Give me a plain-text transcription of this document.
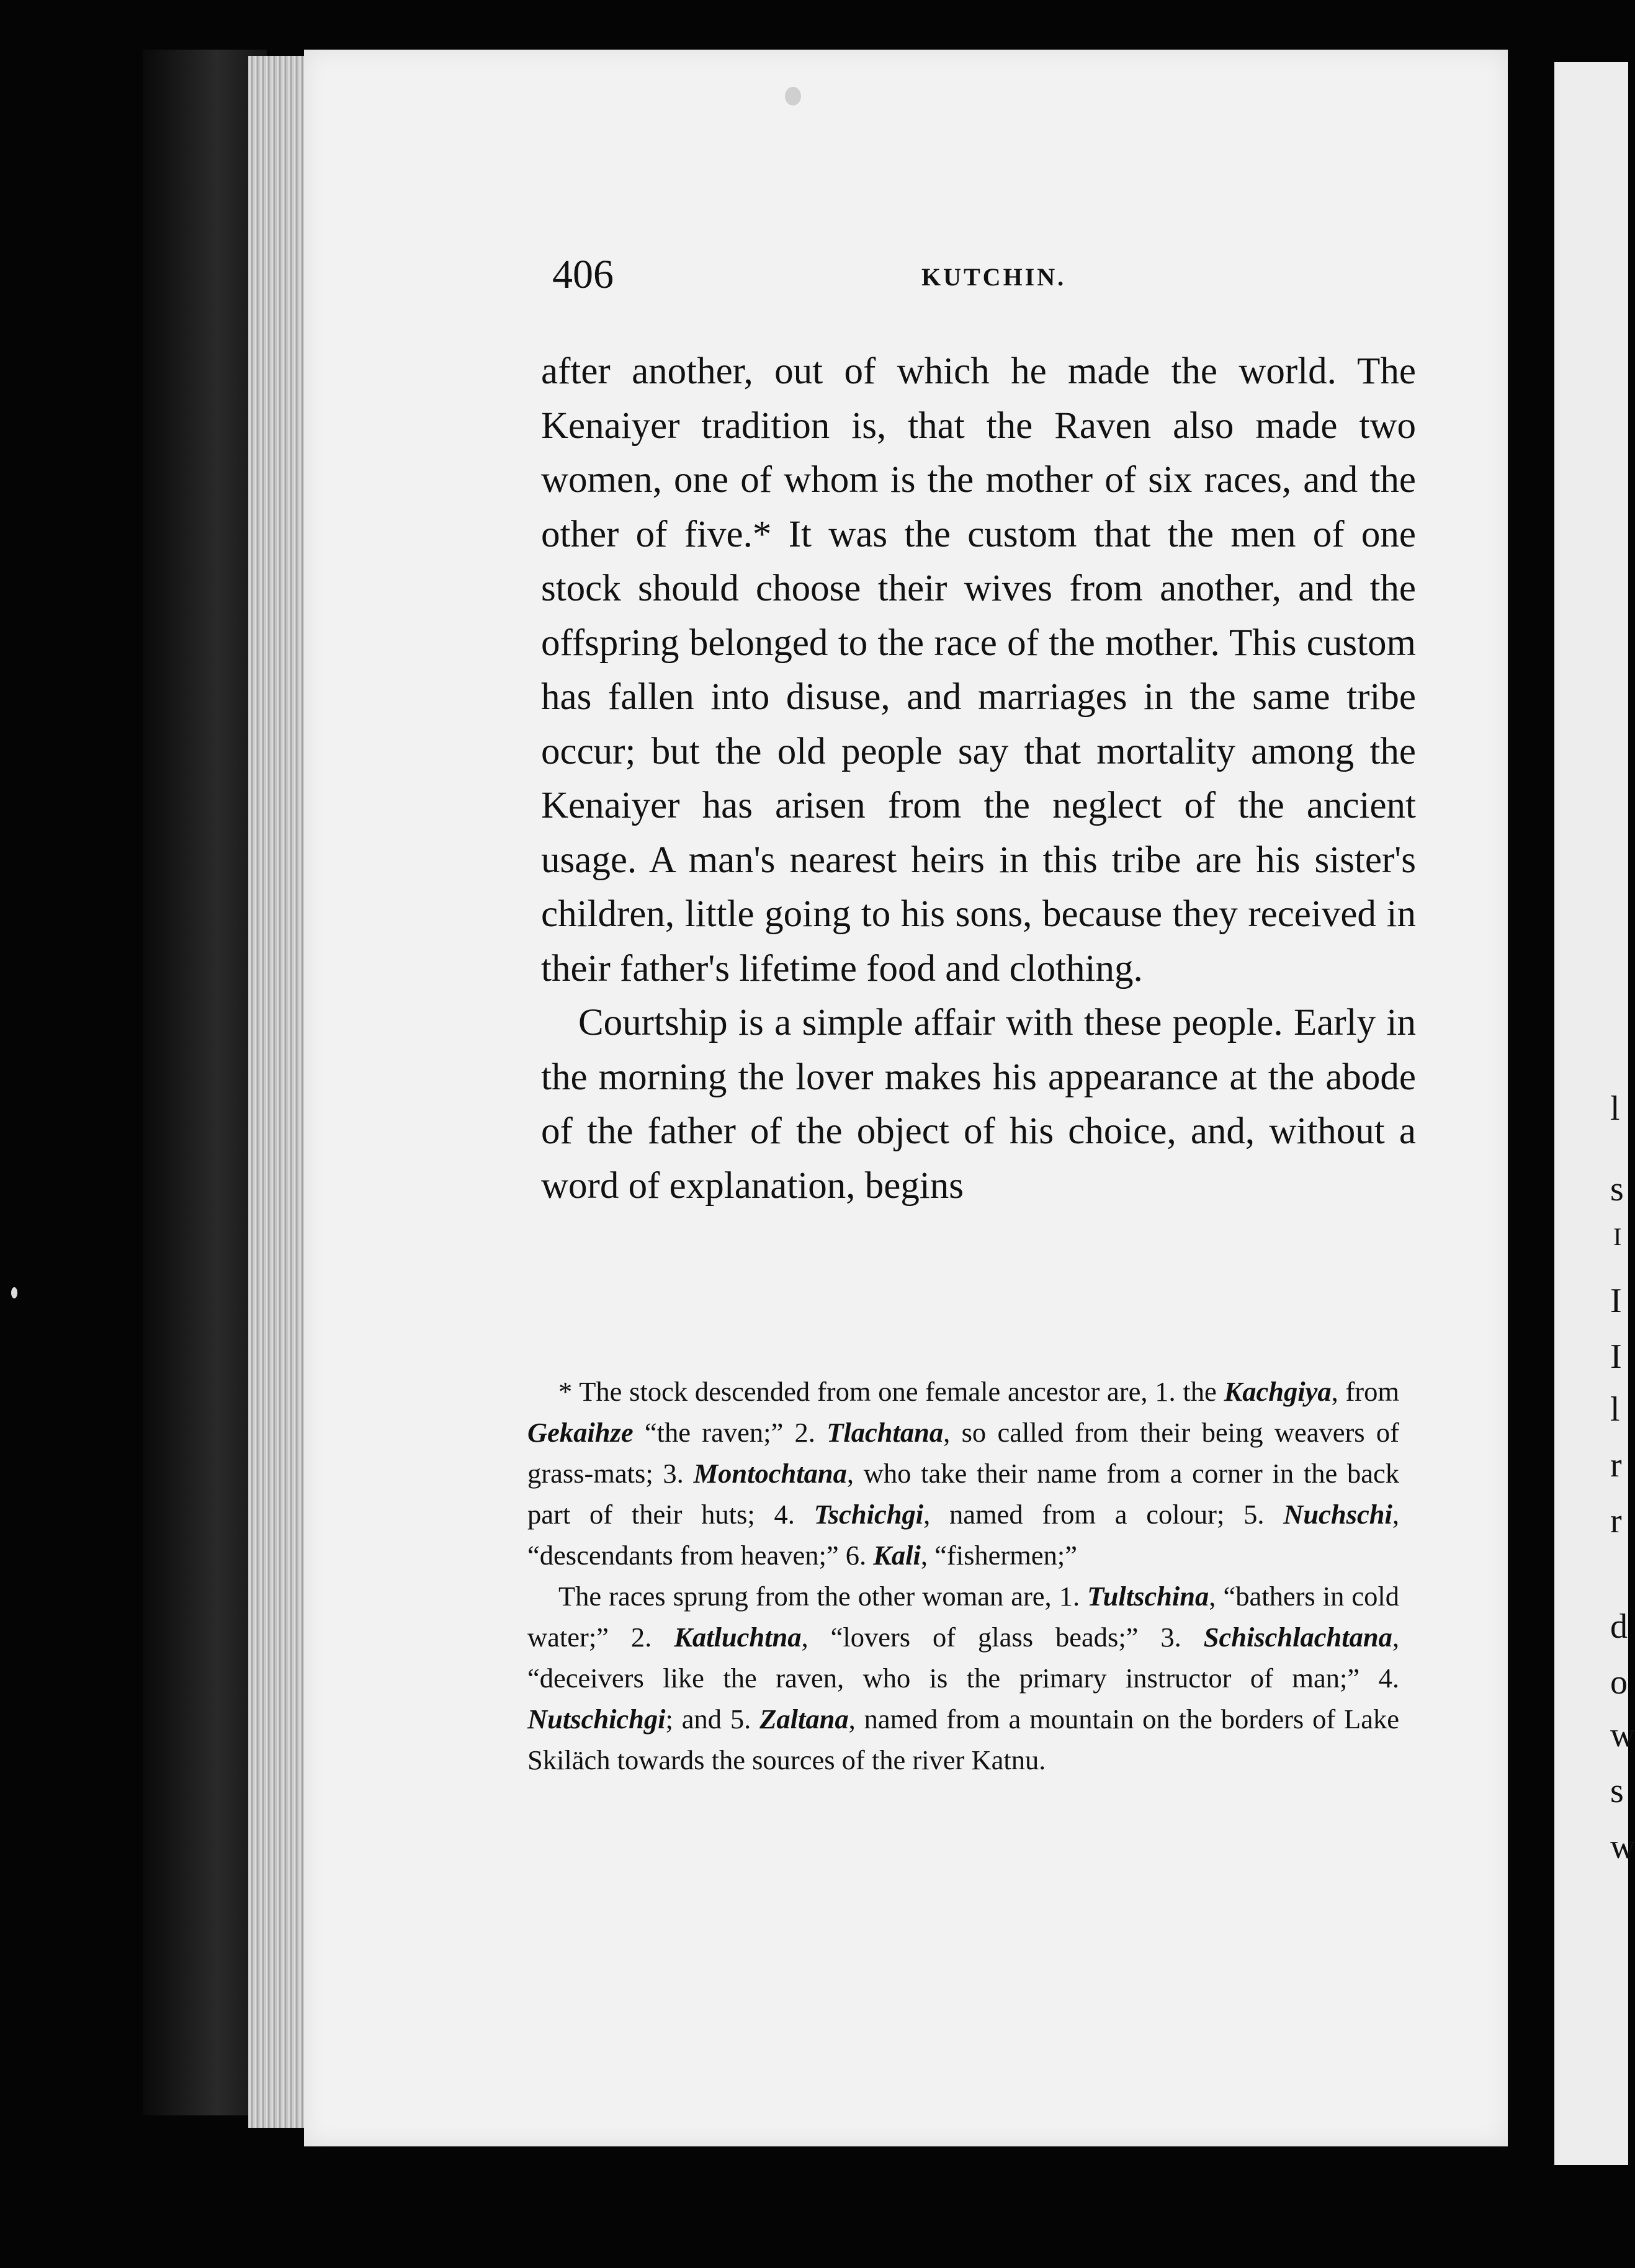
l
s
I
I
l
r
r
d
o
w
s
w
I
406	KUTCHIN.

after another, out of which he made the world. The Kenaiyer tradition is, that the Raven also made two women, one of whom is the mother of six races, and the other of five.* It was the custom that the men of one stock should choose their wives from another, and the offspring belonged to the race of the mother. This custom has fallen into disuse, and marriages in the same tribe occur; but the old people say that mortality among the Kenaiyer has arisen from the neglect of the ancient usage. A man's nearest heirs in this tribe are his sister's children, little going to his sons, because they received in their father's lifetime food and clothing.

Courtship is a simple affair with these people. Early in the morning the lover makes his appearance at the abode of the father of the object of his choice, and, without a word of explanation, begins

* The stock descended from one female ancestor are, 1. the Kachgiya, from Gekaihze “the raven;” 2. Tlachtana, so called from their being weavers of grass-mats; 3. Montochtana, who take their name from a corner in the back part of their huts; 4. Tschichgi, named from a colour; 5. Nuchschi, “descendants from heaven;” 6. Kali, “fishermen;”

The races sprung from the other woman are, 1. Tultschina, “bathers in cold water;” 2. Katluchtna, “lovers of glass beads;” 3. Schischlachtana, “deceivers like the raven, who is the primary instructor of man;” 4. Nutschichgi; and 5. Zaltana, named from a mountain on the borders of Lake Skiläch towards the sources of the river Katnu.
